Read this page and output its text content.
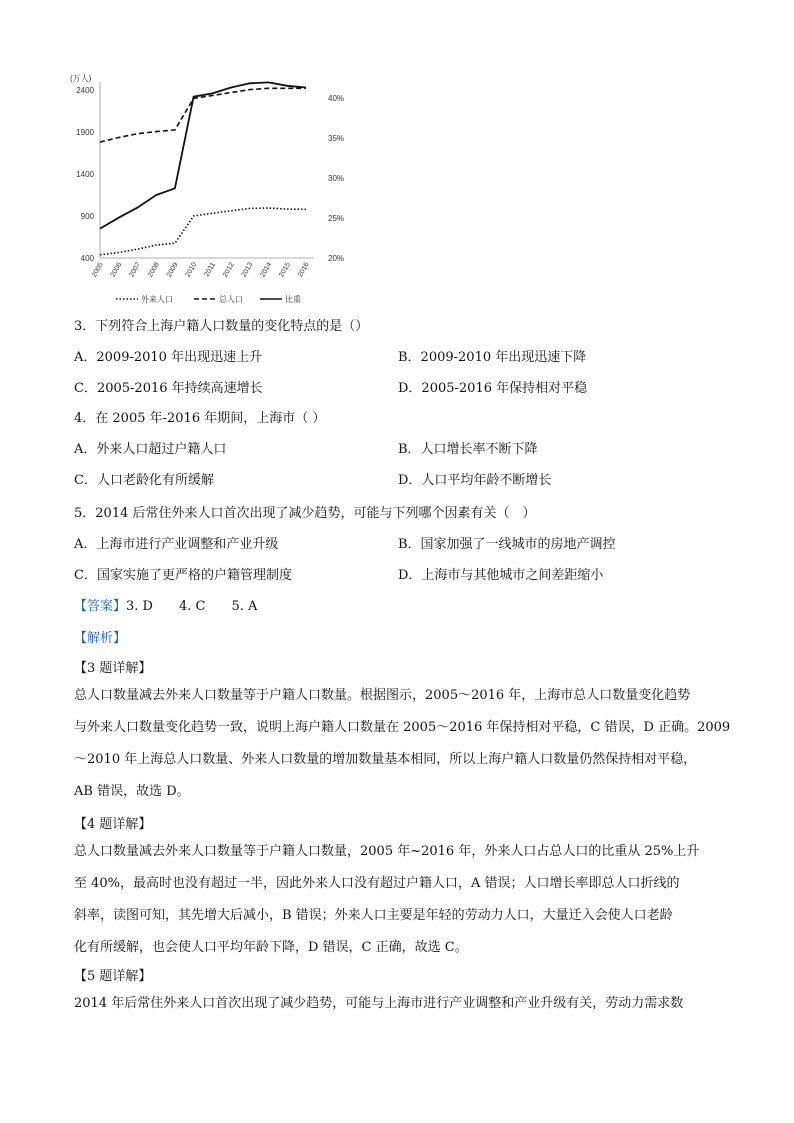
(万人)
2400
1900
1400
900
400
40%
35%
30%
25%
20%
2005 2006 2007 2008 2009 2010 2011 2012 2013 2014 2015 2016
外来人口	总人口	比重
3．下列符合上海户籍人口数量的变化特点的是（）
A．2009-2010 年出现迅速上升	B．2009-2010 年出现迅速下降
C．2005-2016 年持续高速增长	D．2005-2016 年保持相对平稳
4．在 2005 年-2016 年期间，上海市（ ）
A．外来人口超过户籍人口	B．人口增长率不断下降
C．人口老龄化有所缓解	D．人口平均年龄不断增长
5．2014 后常住外来人口首次出现了减少趋势，可能与下列哪个因素有关（　）
A．上海市进行产业调整和产业升级	B．国家加强了一线城市的房地产调控
C．国家实施了更严格的户籍管理制度	D．上海市与其他城市之间差距缩小
【答案】3. D　　4. C　　5. A
【解析】
【3 题详解】
总人口数量减去外来人口数量等于户籍人口数量。根据图示，2005～2016 年，上海市总人口数量变化趋势
与外来人口数量变化趋势一致，说明上海户籍人口数量在 2005～2016 年保持相对平稳，C 错误，D 正确。2009
～2010 年上海总人口数量、外来人口数量的增加数量基本相同，所以上海户籍人口数量仍然保持相对平稳，
AB 错误，故选 D。
【4 题详解】
总人口数量减去外来人口数量等于户籍人口数量，2005 年~2016 年，外来人口占总人口的比重从 25%上升
至 40%，最高时也没有超过一半，因此外来人口没有超过户籍人口，A 错误；人口增长率即总人口折线的
斜率，读图可知，其先增大后减小，B 错误；外来人口主要是年轻的劳动力人口，大量迁入会使人口老龄
化有所缓解，也会使人口平均年龄下降，D 错误，C 正确，故选 C。
【5 题详解】
2014 年后常住外来人口首次出现了减少趋势，可能与上海市进行产业调整和产业升级有关，劳动力需求数
